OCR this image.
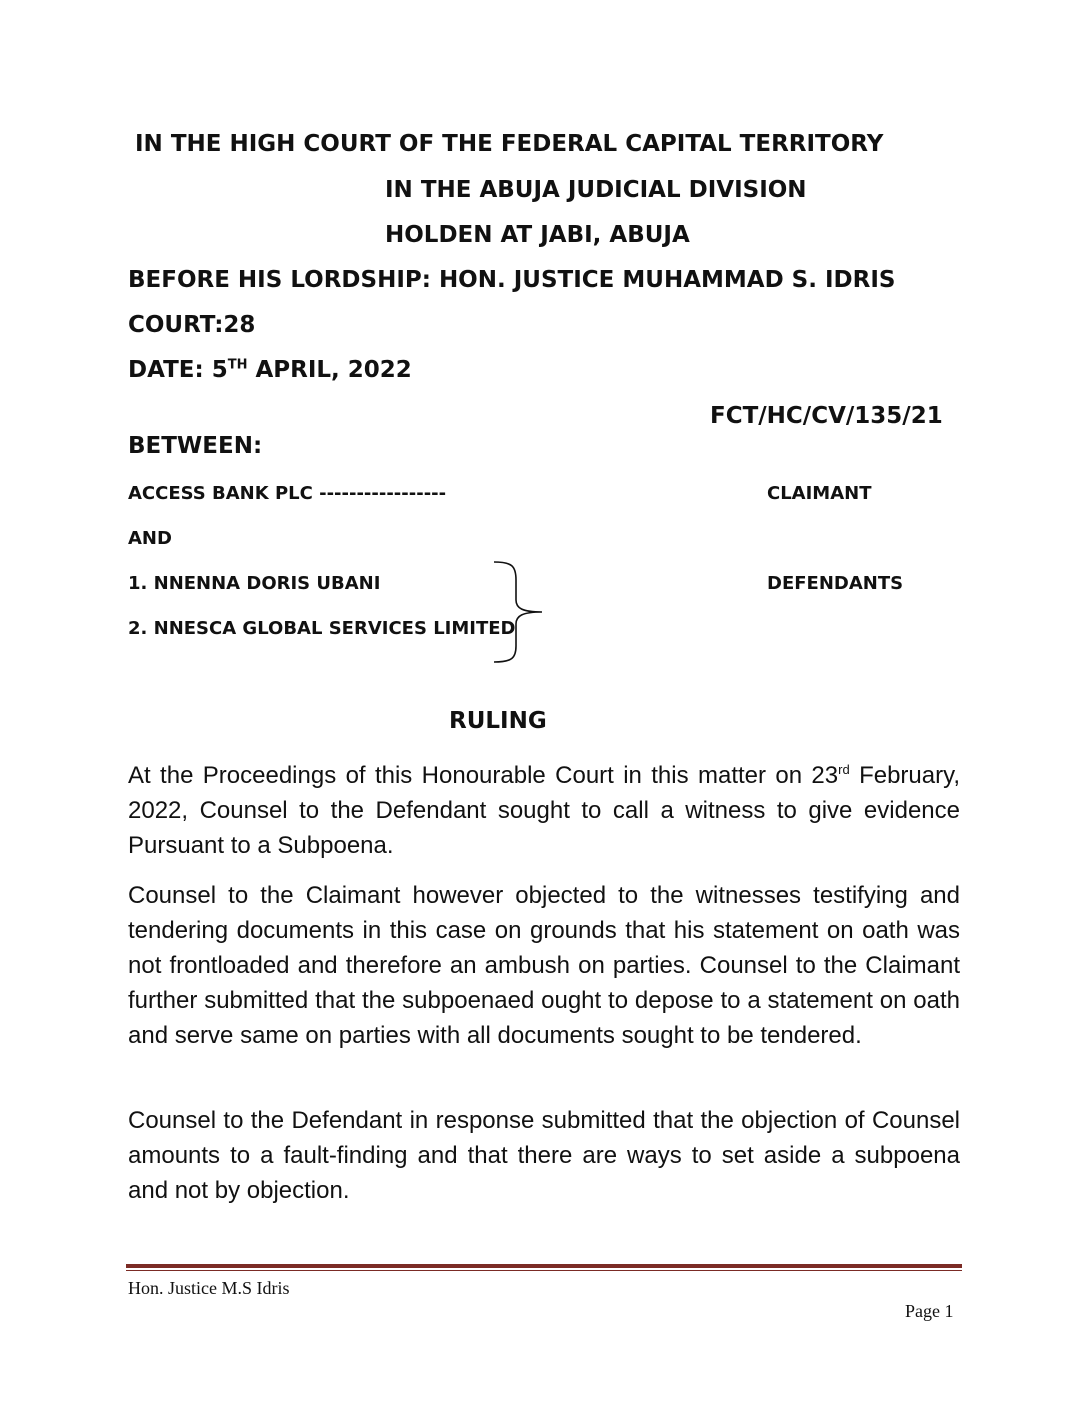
IN THE HIGH COURT OF THE FEDERAL CAPITAL TERRITORY
IN THE ABUJA JUDICIAL DIVISION
HOLDEN AT JABI, ABUJA
BEFORE HIS LORDSHIP: HON. JUSTICE MUHAMMAD S. IDRIS
COURT:28
DATE: 5TH APRIL, 2022
FCT/HC/CV/135/21
BETWEEN:
ACCESS BANK PLC -----------------	CLAIMANT
AND
1. NNENNA DORIS UBANI	DEFENDANTS
2. NNESCA GLOBAL SERVICES LIMITED
RULING
At the Proceedings of this Honourable Court in this matter on 23rd February, 2022, Counsel to the Defendant sought to call a witness to give evidence Pursuant to a Subpoena.
Counsel to the Claimant however objected to the witnesses testifying and tendering documents in this case on grounds that his statement on oath was not frontloaded and therefore an ambush on parties. Counsel to the Claimant further submitted that the subpoenaed ought to depose to a statement on oath and serve same on parties with all documents sought to be tendered.
Counsel to the Defendant in response submitted that the objection of Counsel amounts to a fault-finding and that there are ways to set aside a subpoena and not by objection.
Hon. Justice M.S Idris
Page 1
